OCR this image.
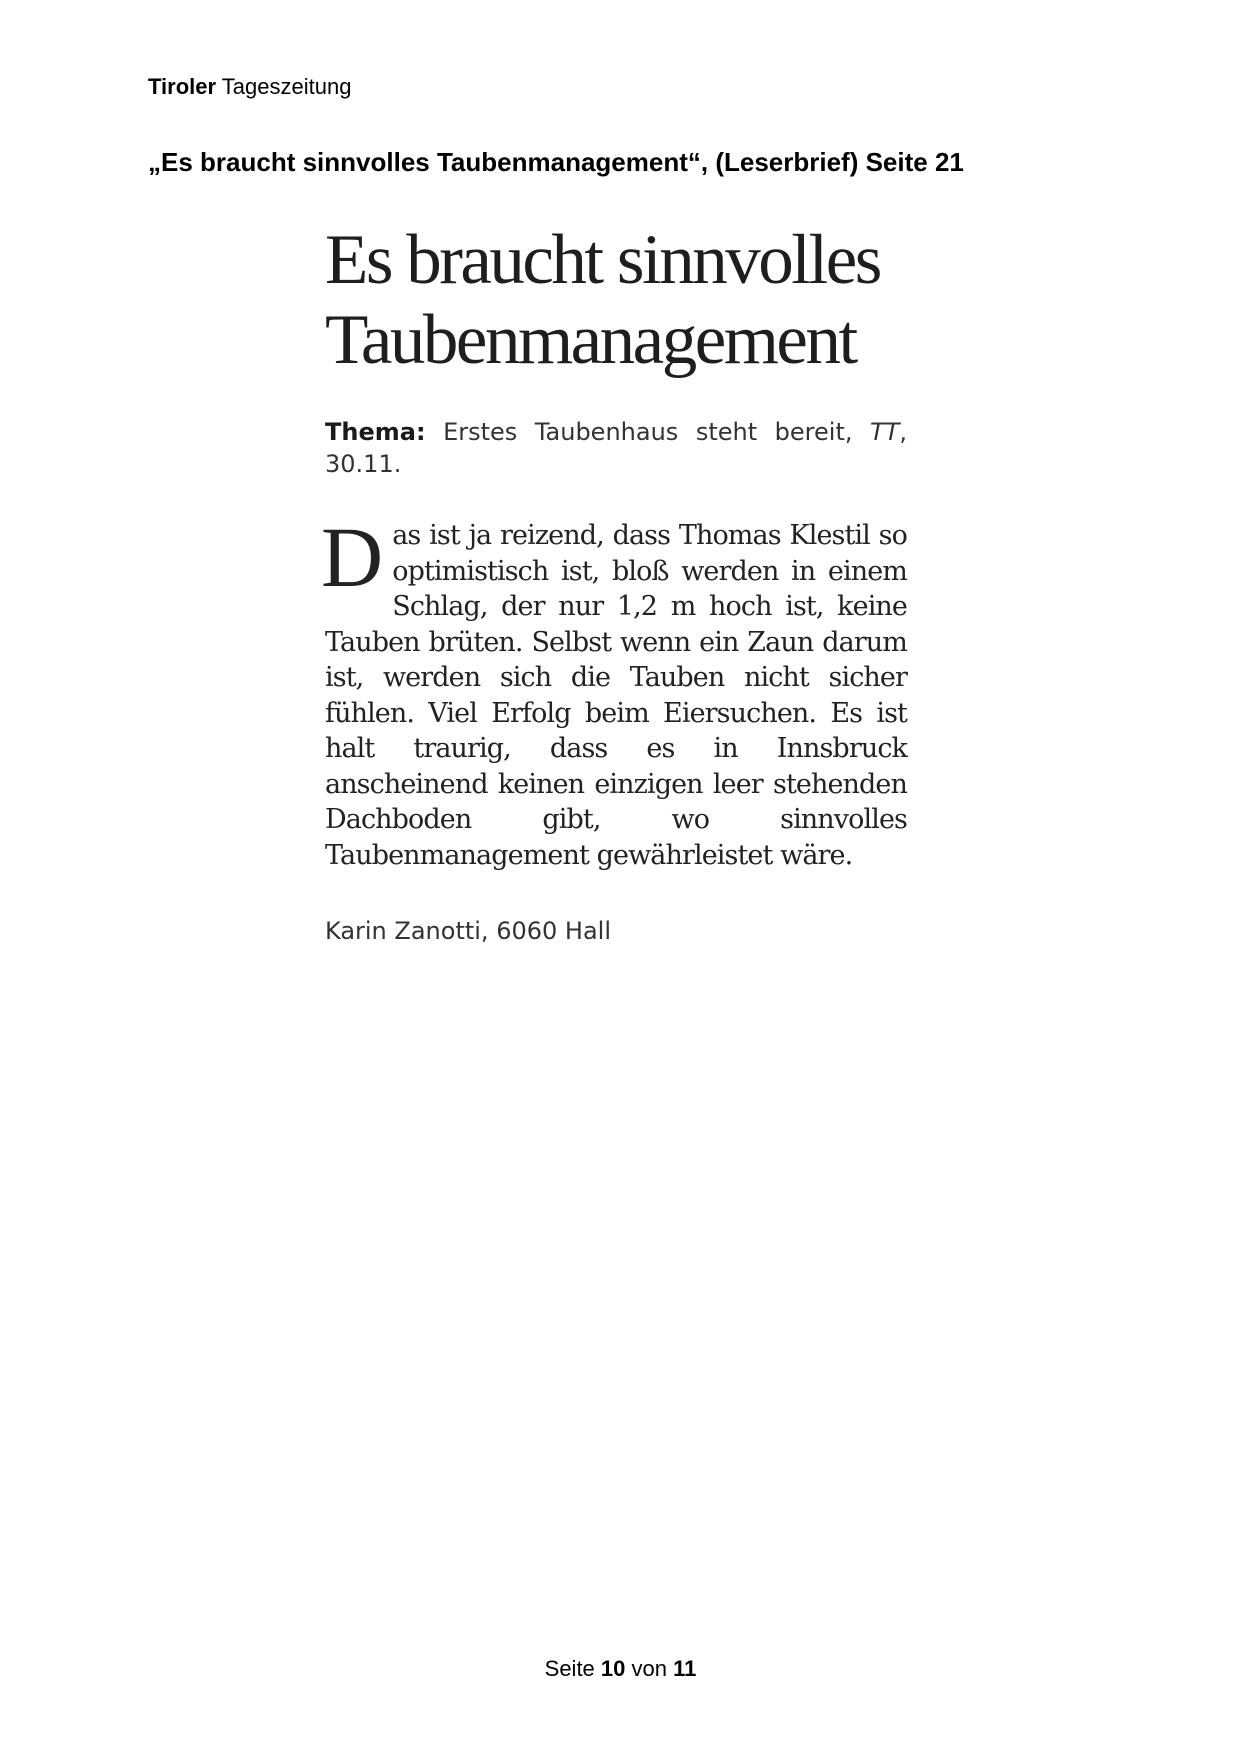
Tiroler Tageszeitung
„Es braucht sinnvolles Taubenmanagement“, (Leserbrief) Seite 21
Es braucht sinnvolles Taubenmanagement
Thema: Erstes Taubenhaus steht bereit, TT, 30.11.
Das ist ja reizend, dass Thomas Klestil so optimistisch ist, bloß werden in einem Schlag, der nur 1,2 m hoch ist, keine Tauben brüten. Selbst wenn ein Zaun darum ist, werden sich die Tauben nicht sicher fühlen. Viel Erfolg beim Eiersuchen. Es ist halt traurig, dass es in Innsbruck anscheinend keinen einzigen leer stehenden Dachboden gibt, wo sinnvolles Taubenmanagement gewährleistet wäre.
Karin Zanotti, 6060 Hall
Seite 10 von 11
